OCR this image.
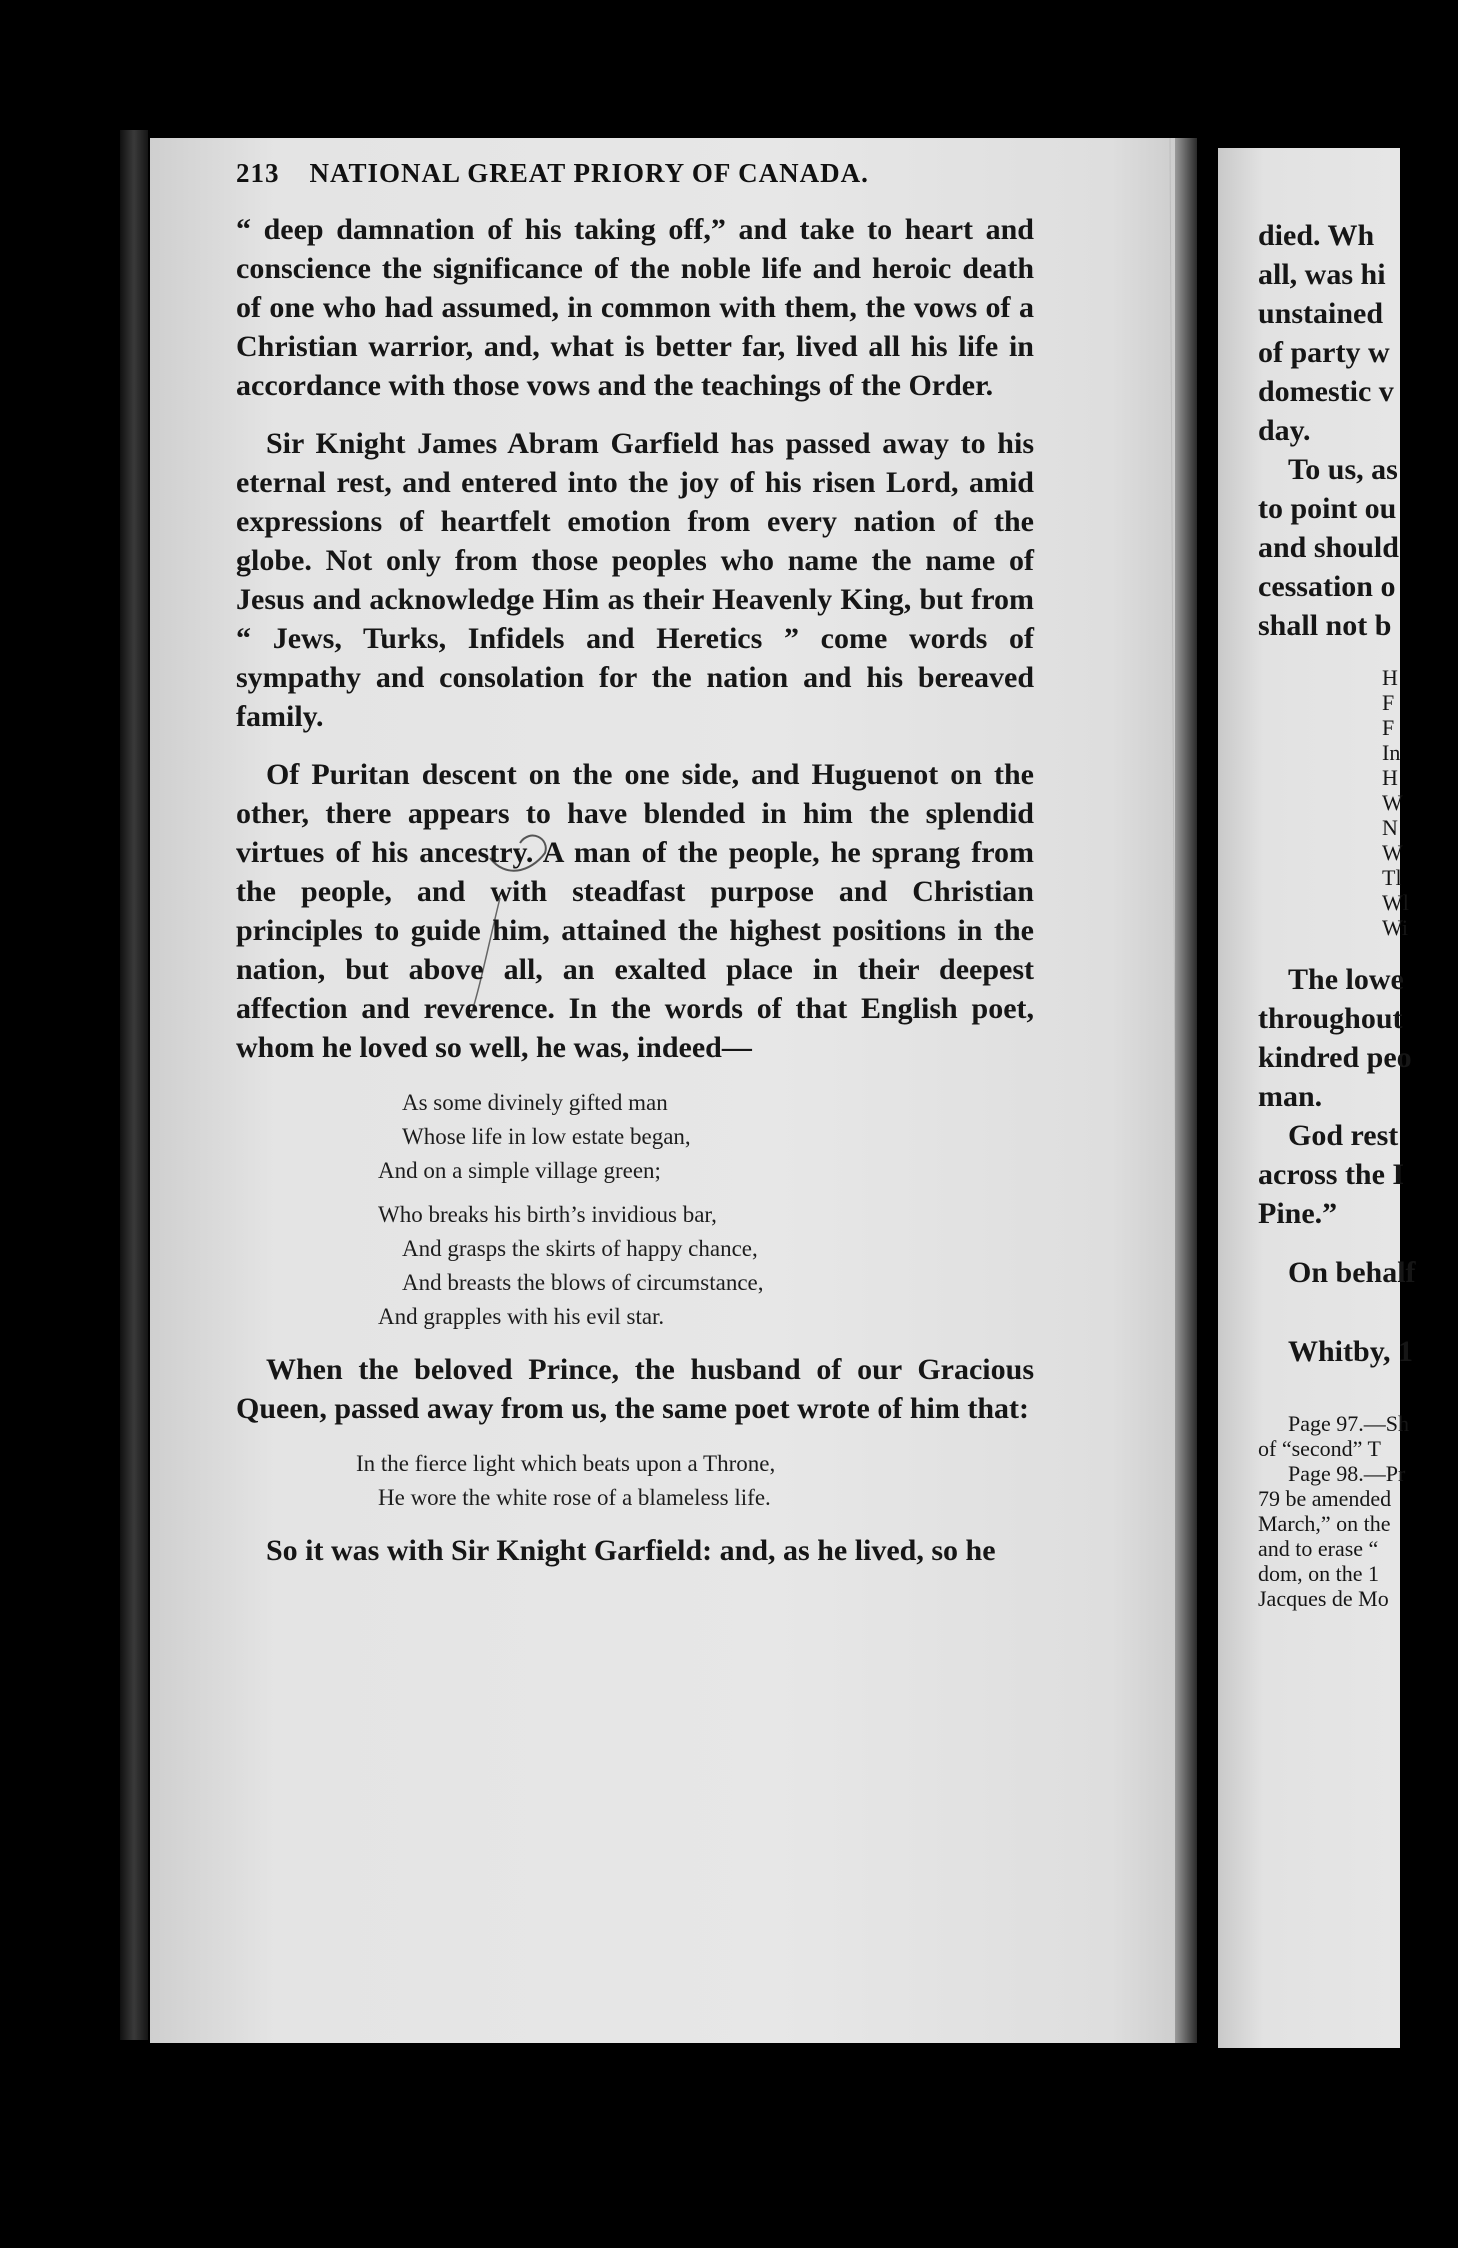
213 NATIONAL GREAT PRIORY OF CANADA.

“ deep damnation of his taking off,” and take to heart and conscience the significance of the noble life and heroic death of one who had assumed, in common with them, the vows of a Christian warrior, and, what is better far, lived all his life in accordance with those vows and the teachings of the Order.

Sir Knight James Abram Garfield has passed away to his eternal rest, and entered into the joy of his risen Lord, amid expressions of heartfelt emotion from every nation of the globe. Not only from those peoples who name the name of Jesus and acknowledge Him as their Heavenly King, but from “ Jews, Turks, Infidels and Heretics ” come words of sympathy and consolation for the nation and his bereaved family.

Of Puritan descent on the one side, and Huguenot on the other, there appears to have blended in him the splendid virtues of his ancestry. A man of the people, he sprang from the people, and with steadfast purpose and Christian principles to guide him, attained the highest positions in the nation, but above all, an exalted place in their deepest affection and reverence. In the words of that English poet, whom he loved so well, he was, indeed—

As some divinely gifted man
Whose life in low estate began,
And on a simple village green;
Who breaks his birth’s invidious bar,
And grasps the skirts of happy chance,
And breasts the blows of circumstance,
And grapples with his evil star.

When the beloved Prince, the husband of our Gracious Queen, passed away from us, the same poet wrote of him that:

In the fierce light which beats upon a Throne,
He wore the white rose of a blameless life.

So it was with Sir Knight Garfield: and, as he lived, so he

died. Wh
all, was hi
unstained
of party w
domestic v
day.
To us, as
to point ou
and should
cessation o
shall not b
H
F
F
In
H
W
N
W
Tl
Wl
Wi
The lowe
throughout
kindred peo
man.
God rest
across the I
Pine.”
On behalf
Whitby, 1
Page 97.—Sh
of “second” T
Page 98.—Pr
79 be amended
March,” on the
and to erase “
dom, on the 1
Jacques de Mo
